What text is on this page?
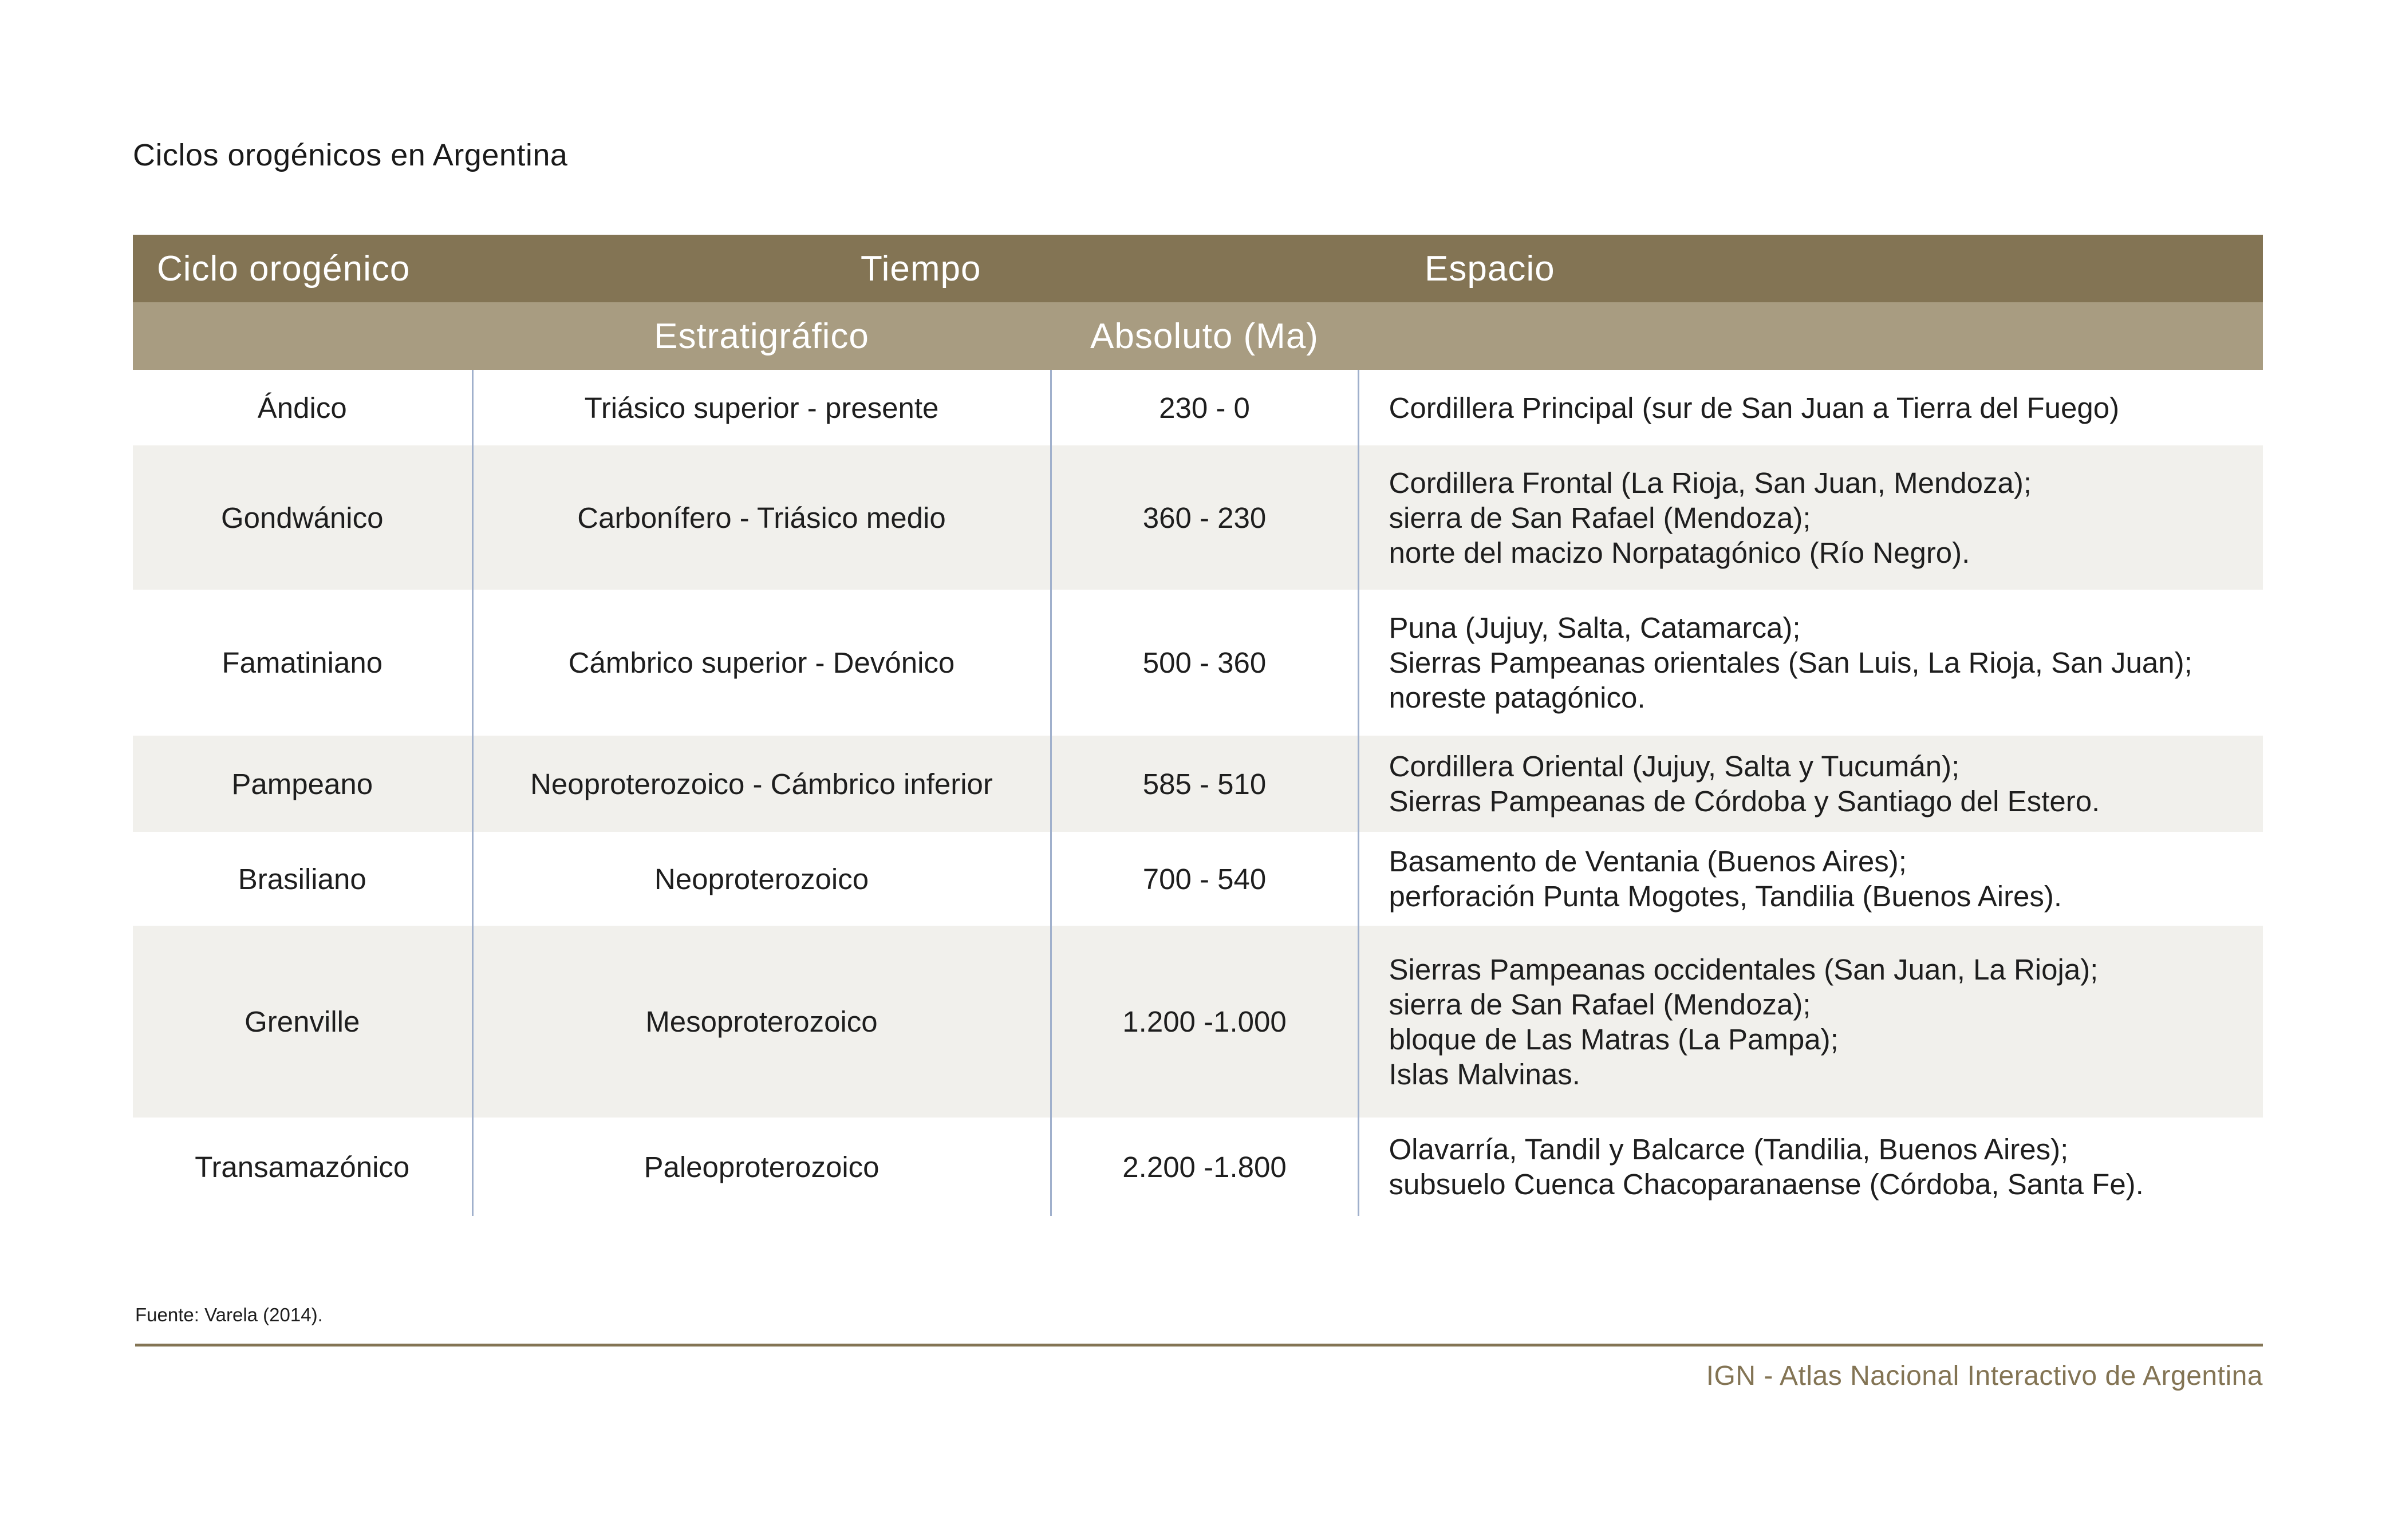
Ciclos orogénicos en Argentina
Ciclo orogénico	Tiempo		Espacio
	Estratigráfico	Absoluto (Ma)	
Ándico	Triásico superior - presente	230 - 0	Cordillera Principal (sur de San Juan a Tierra del Fuego)

Gondwánico	Carbonífero - Triásico medio	360 - 230	Cordillera Frontal (La Rioja, San Juan, Mendoza);
sierra de San Rafael (Mendoza);
norte del macizo Norpatagónico (Río Negro).

Famatiniano	Cámbrico superior - Devónico	500 - 360	Puna (Jujuy, Salta, Catamarca);
Sierras Pampeanas orientales (San Luis, La Rioja, San Juan);
noreste patagónico.

Pampeano	Neoproterozoico - Cámbrico inferior	585 - 510	Cordillera Oriental (Jujuy, Salta y Tucumán);
Sierras Pampeanas de Córdoba y Santiago del Estero.

Brasiliano	Neoproterozoico	700 - 540	Basamento de Ventania (Buenos Aires);
perforación Punta Mogotes, Tandilia (Buenos Aires).

Grenville	Mesoproterozoico	1.200 -1.000	Sierras Pampeanas occidentales (San Juan, La Rioja);
sierra de San Rafael (Mendoza);
bloque de Las Matras (La Pampa);
Islas Malvinas.

Transamazónico	Paleoproterozoico	2.200 -1.800	Olavarría, Tandil y Balcarce (Tandilia, Buenos Aires);
subsuelo Cuenca Chacoparanaense (Córdoba, Santa Fe).

Fuente: Varela (2014).

IGN - Atlas Nacional Interactivo de Argentina
